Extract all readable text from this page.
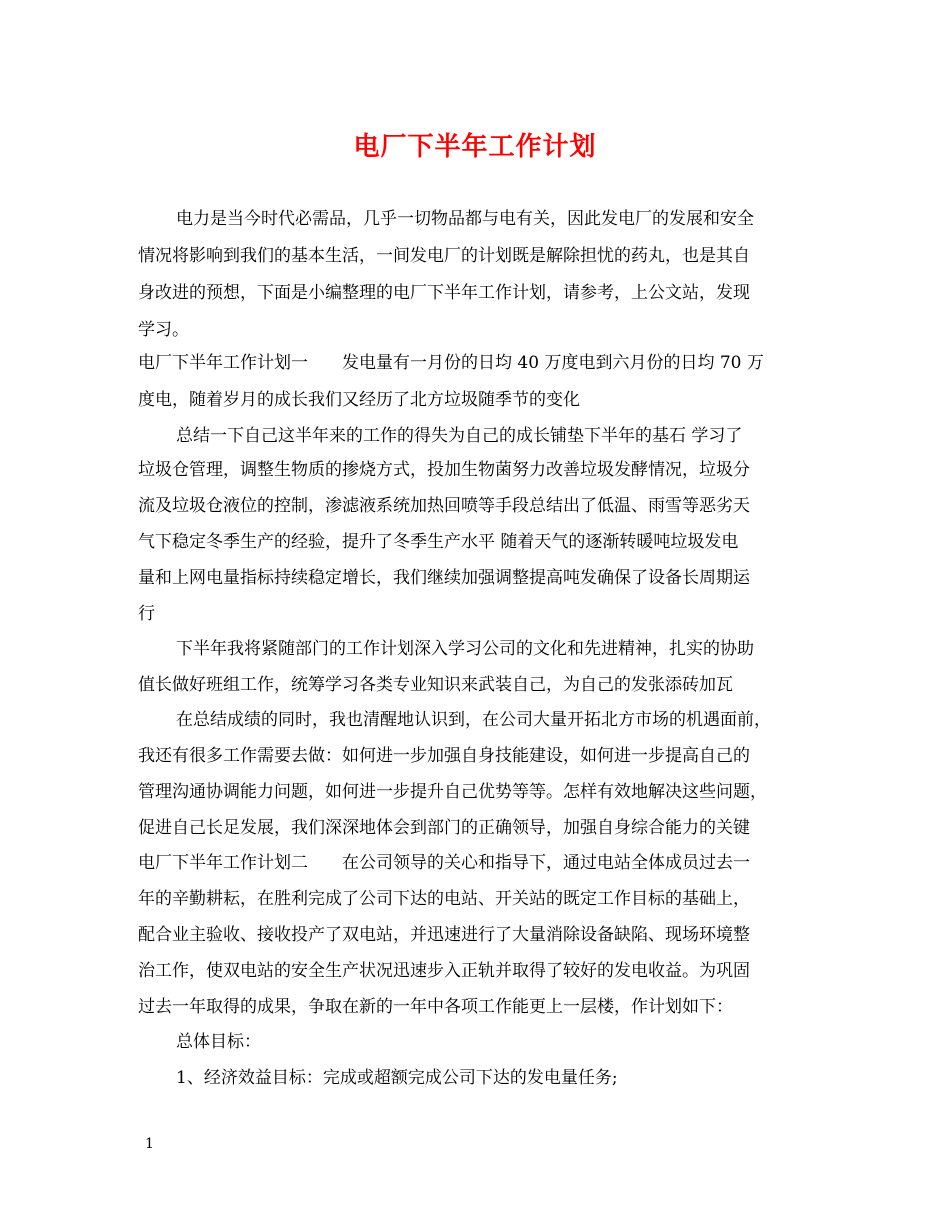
电厂下半年工作计划
电力是当今时代必需品，几乎一切物品都与电有关，因此发电厂的发展和安全
情况将影响到我们的基本生活，一间发电厂的计划既是解除担忧的药丸，也是其自
身改进的预想，下面是小编整理的电厂下半年工作计划，请参考，上公文站，发现
学习。
电厂下半年工作计划一　　发电量有一月份的日均 40 万度电到六月份的日均 70 万
度电，随着岁月的成长我们又经历了北方垃圾随季节的变化
总结一下自己这半年来的工作的得失为自己的成长铺垫下半年的基石 学习了
垃圾仓管理，调整生物质的掺烧方式，投加生物菌努力改善垃圾发酵情况，垃圾分
流及垃圾仓液位的控制，渗滤液系统加热回喷等手段总结出了低温、雨雪等恶劣天
气下稳定冬季生产的经验，提升了冬季生产水平 随着天气的逐渐转暖吨垃圾发电
量和上网电量指标持续稳定增长，我们继续加强调整提高吨发确保了设备长周期运
行
下半年我将紧随部门的工作计划深入学习公司的文化和先进精神，扎实的协助
值长做好班组工作，统筹学习各类专业知识来武装自己，为自己的发张添砖加瓦
在总结成绩的同时，我也清醒地认识到，在公司大量开拓北方市场的机遇面前，
我还有很多工作需要去做：如何进一步加强自身技能建设，如何进一步提高自己的
管理沟通协调能力问题，如何进一步提升自己优势等等。怎样有效地解决这些问题，
促进自己长足发展，我们深深地体会到部门的正确领导，加强自身综合能力的关键
电厂下半年工作计划二　　在公司领导的关心和指导下，通过电站全体成员过去一
年的辛勤耕耘，在胜利完成了公司下达的电站、开关站的既定工作目标的基础上，
配合业主验收、接收投产了双电站，并迅速进行了大量消除设备缺陷、现场环境整
治工作，使双电站的安全生产状况迅速步入正轨并取得了较好的发电收益。为巩固
过去一年取得的成果，争取在新的一年中各项工作能更上一层楼，作计划如下：
总体目标：
1、经济效益目标：完成或超额完成公司下达的发电量任务;
1
